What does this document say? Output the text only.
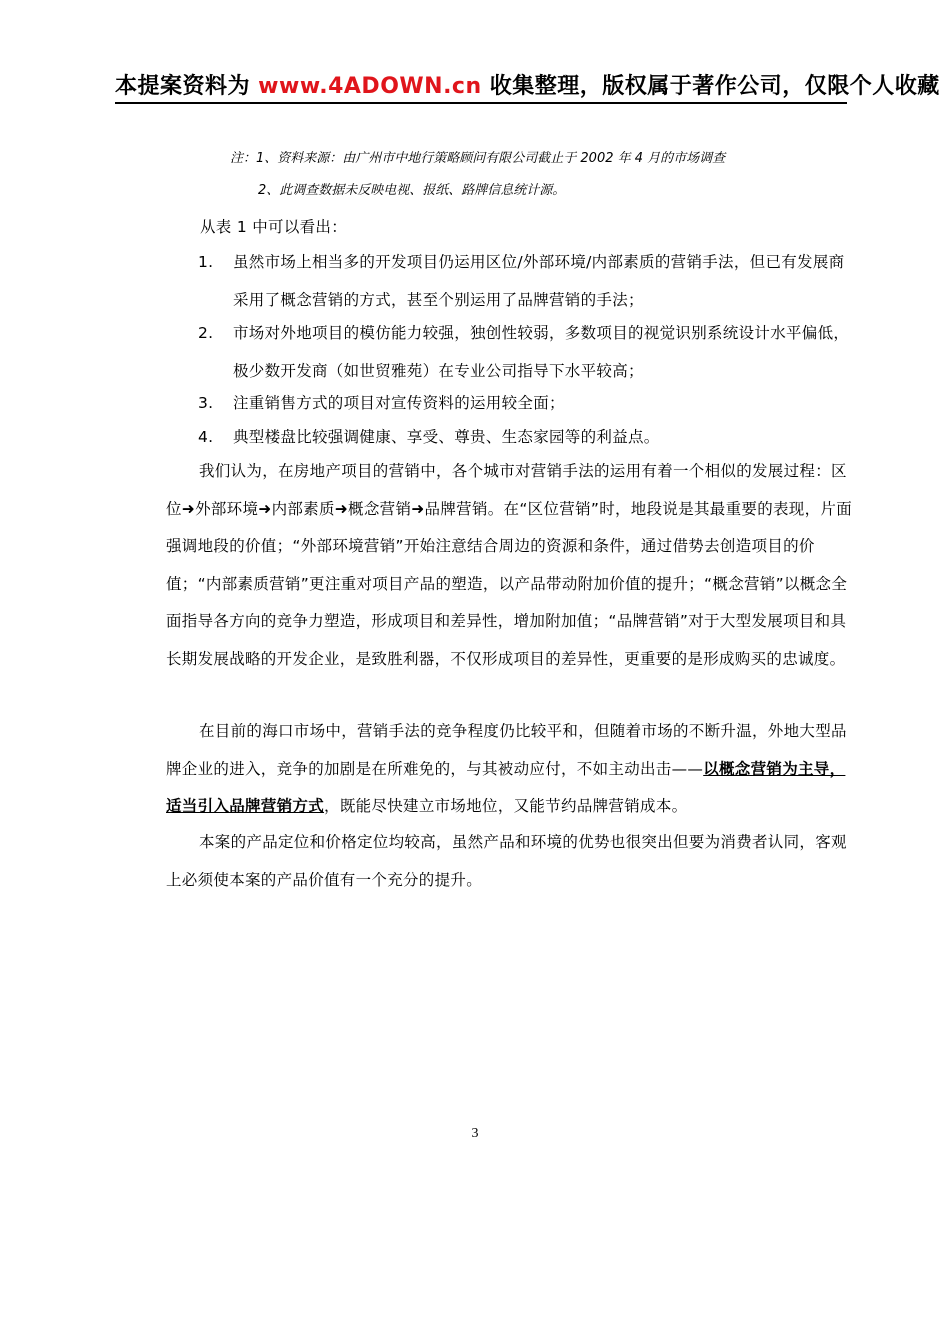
本提案资料为 www.4ADOWN.cn 收集整理，版权属于著作公司，仅限个人收藏
注：1、资料来源：由广州市中地行策略顾问有限公司截止于 2002 年 4 月的市场调查
2、此调查数据未反映电视、报纸、路牌信息统计源。
从表 1 中可以看出：
1.	虽然市场上相当多的开发项目仍运用区位/外部环境/内部素质的营销手法，但已有发展商采用了概念营销的方式，甚至个别运用了品牌营销的手法；
2.	市场对外地项目的模仿能力较强，独创性较弱，多数项目的视觉识别系统设计水平偏低，极少数开发商（如世贸雅苑）在专业公司指导下水平较高；
3.	注重销售方式的项目对宣传资料的运用较全面；
4.	典型楼盘比较强调健康、享受、尊贵、生态家园等的利益点。
我们认为，在房地产项目的营销中，各个城市对营销手法的运用有着一个相似的发展过程：区位➜外部环境➜内部素质➜概念营销➜品牌营销。在“区位营销”时，地段说是其最重要的表现，片面强调地段的价值；“外部环境营销”开始注意结合周边的资源和条件，通过借势去创造项目的价值；“内部素质营销”更注重对项目产品的塑造，以产品带动附加价值的提升；“概念营销”以概念全面指导各方向的竞争力塑造，形成项目和差异性，增加附加值；“品牌营销”对于大型发展项目和具长期发展战略的开发企业，是致胜利器，不仅形成项目的差异性，更重要的是形成购买的忠诚度。
在目前的海口市场中，营销手法的竞争程度仍比较平和，但随着市场的不断升温，外地大型品牌企业的进入，竞争的加剧是在所难免的，与其被动应付，不如主动出击——以概念营销为主导，适当引入品牌营销方式，既能尽快建立市场地位，又能节约品牌营销成本。
本案的产品定位和价格定位均较高，虽然产品和环境的优势也很突出但要为消费者认同，客观上必须使本案的产品价值有一个充分的提升。
3
